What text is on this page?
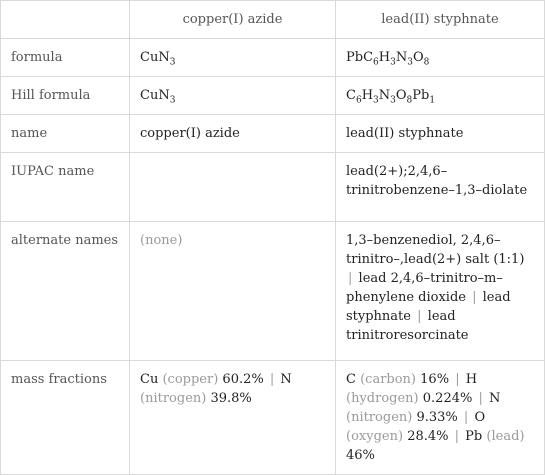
	copper(I) azide	lead(II) styphnate
formula	CuN$_3$	$PbC_6H_3N_3O_8$
Hill formula	CuN$_3$	$C_6H_3N_3O_8Pb_1$
name	copper(I) azide	lead(II) styphnate
IUPAC name		lead(2+);2,4,6–trinitrobenzene–1,3–diolate
alternate names	(none)	1,3–benzenediol, 2,4,6–trinitro–,lead(2+) salt (1:1) | lead 2,4,6–trinitro–m–phenylene dioxide | lead styphnate | lead trinitroresorcinate
mass fractions	Cu (copper) 60.2% | N (nitrogen) 39.8%	C (carbon) 16% | H (hydrogen) 0.224% | N (nitrogen) 9.33% | O (oxygen) 28.4% | Pb (lead) 46%
